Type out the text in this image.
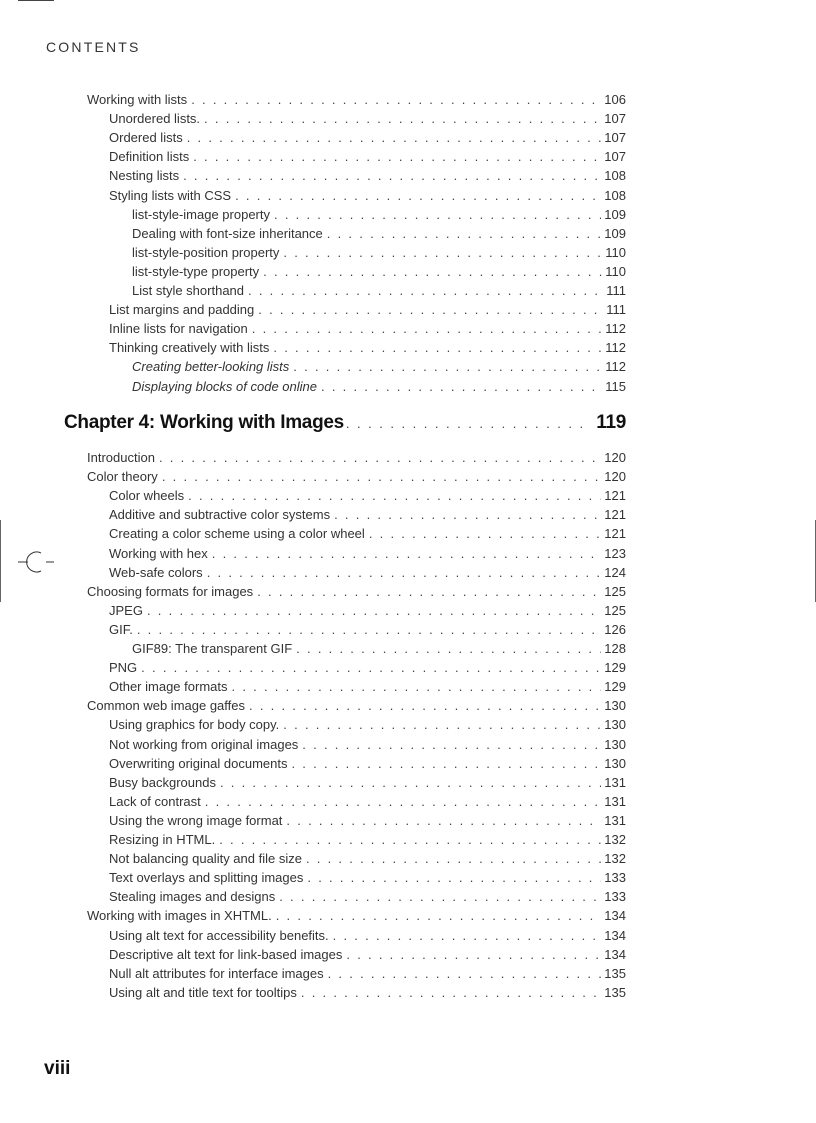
CONTENTS
Working with lists . . .	106
Unordered lists. . . .	107
Ordered lists . . .	107
Definition lists . . .	107
Nesting lists . . .	108
Styling lists with CSS . . .	108
list-style-image property . . .	109
Dealing with font-size inheritance . . .	109
list-style-position property . . .	110
list-style-type property . . .	110
List style shorthand . . .	111
List margins and padding . . .	111
Inline lists for navigation . . .	112
Thinking creatively with lists . . .	112
Creating better-looking lists . . .	112
Displaying blocks of code online . . .	115
Chapter 4: Working with Images . . .	119
Introduction . . .	120
Color theory . . .	120
Color wheels . . .	121
Additive and subtractive color systems . . .	121
Creating a color scheme using a color wheel . . .	121
Working with hex . . .	123
Web-safe colors . . .	124
Choosing formats for images . . .	125
JPEG . . .	125
GIF. . . .	126
GIF89: The transparent GIF . . .	128
PNG . . .	129
Other image formats . . .	129
Common web image gaffes . . .	130
Using graphics for body copy. . . .	130
Not working from original images . . .	130
Overwriting original documents . . .	130
Busy backgrounds . . .	131
Lack of contrast . . .	131
Using the wrong image format . . .	131
Resizing in HTML. . . .	132
Not balancing quality and file size . . .	132
Text overlays and splitting images . . .	133
Stealing images and designs . . .	133
Working with images in XHTML. . . .	134
Using alt text for accessibility benefits. . . .	134
Descriptive alt text for link-based images . . .	134
Null alt attributes for interface images . . .	135
Using alt and title text for tooltips . . .	135
viii
